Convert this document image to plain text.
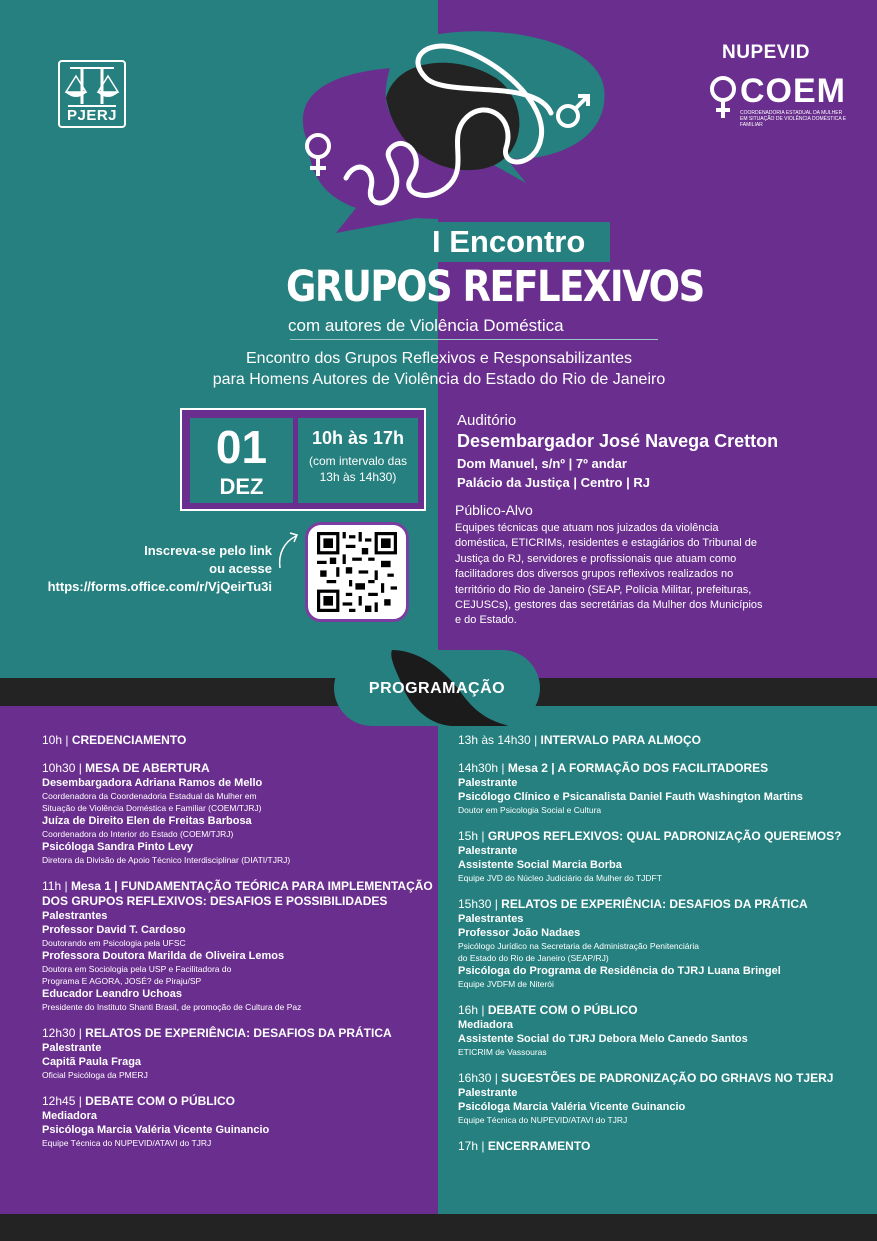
PJERJ
NUPEVID
COEM
COORDENADORIA ESTADUAL DA MULHER EM SITUAÇÃO DE VIOLÊNCIA DOMÉSTICA E FAMILIAR
I Encontro
GRUPOS REFLEXIVOS
com autores de Violência Doméstica
Encontro dos Grupos Reflexivos e Responsabilizantes
para Homens Autores de Violência do Estado do Rio de Janeiro
01
DEZ
10h às 17h
(com intervalo das 13h às 14h30)
Auditório
Desembargador José Navega Cretton
Dom Manuel, s/nº | 7º andar
Palácio da Justiça | Centro | RJ
Público-Alvo
Equipes técnicas que atuam nos juizados da violência doméstica, ETICRIMs, residentes e estagiários do Tribunal de Justiça do RJ, servidores e profissionais que atuam como facilitadores dos diversos grupos reflexivos realizados no território do Rio de Janeiro (SEAP, Polícia Militar, prefeituras, CEJUSCs), gestores das secretárias da Mulher dos Municípios e do Estado.
Inscreva-se pelo link
ou acesse
https://forms.office.com/r/VjQeirTu3i
PROGRAMAÇÃO
10h | CREDENCIAMENTO
10h30 | MESA DE ABERTURA
Desembargadora Adriana Ramos de Mello
Coordenadora da Coordenadoria Estadual da Mulher em
Situação de Violência Doméstica e Familiar (COEM/TJRJ)
Juíza de Direito Elen de Freitas Barbosa
Coordenadora do Interior do Estado (COEM/TJRJ)
Psicóloga Sandra Pinto Levy
Diretora da Divisão de Apoio Técnico Interdisciplinar (DIATI/TJRJ)
11h | Mesa 1 | FUNDAMENTAÇÃO TEÓRICA PARA IMPLEMENTAÇÃO
DOS GRUPOS REFLEXIVOS: DESAFIOS E POSSIBILIDADES
Palestrantes
Professor David T. Cardoso
Doutorando em Psicologia pela UFSC
Professora Doutora Marilda de Oliveira Lemos
Doutora em Sociologia pela USP e Facilitadora do
Programa E AGORA, JOSÉ? de Piraju/SP
Educador Leandro Uchoas
Presidente do Instituto Shanti Brasil, de promoção de Cultura de Paz
12h30 | RELATOS DE EXPERIÊNCIA: DESAFIOS DA PRÁTICA
Palestrante
Capitã Paula Fraga
Oficial Psicóloga da PMERJ
12h45 | DEBATE COM O PÚBLICO
Mediadora
Psicóloga Marcia Valéria Vicente Guinancio
Equipe Técnica do NUPEVID/ATAVI do TJRJ
13h às 14h30 | INTERVALO PARA ALMOÇO
14h30h | Mesa 2 | A FORMAÇÃO DOS FACILITADORES
Palestrante
Psicólogo Clínico e Psicanalista Daniel Fauth Washington Martins
Doutor em Psicologia Social e Cultura
15h | GRUPOS REFLEXIVOS: QUAL PADRONIZAÇÃO QUEREMOS?
Palestrante
Assistente Social Marcia Borba
Equipe JVD do Núcleo Judiciário da Mulher do TJDFT
15h30 | RELATOS DE EXPERIÊNCIA: DESAFIOS DA PRÁTICA
Palestrantes
Professor João Nadaes
Psicólogo Jurídico na Secretaria de Administração Penitenciária
do Estado do Rio de Janeiro (SEAP/RJ)
Psicóloga do Programa de Residência do TJRJ Luana Bringel
Equipe JVDFM de Niterói
16h | DEBATE COM O PÚBLICO
Mediadora
Assistente Social do TJRJ Debora Melo Canedo Santos
ETICRIM de Vassouras
16h30 | SUGESTÕES DE PADRONIZAÇÃO DO GRHAVS NO TJERJ
Palestrante
Psicóloga Marcia Valéria Vicente Guinancio
Equipe Técnica do NUPEVID/ATAVI do TJRJ
17h | ENCERRAMENTO
